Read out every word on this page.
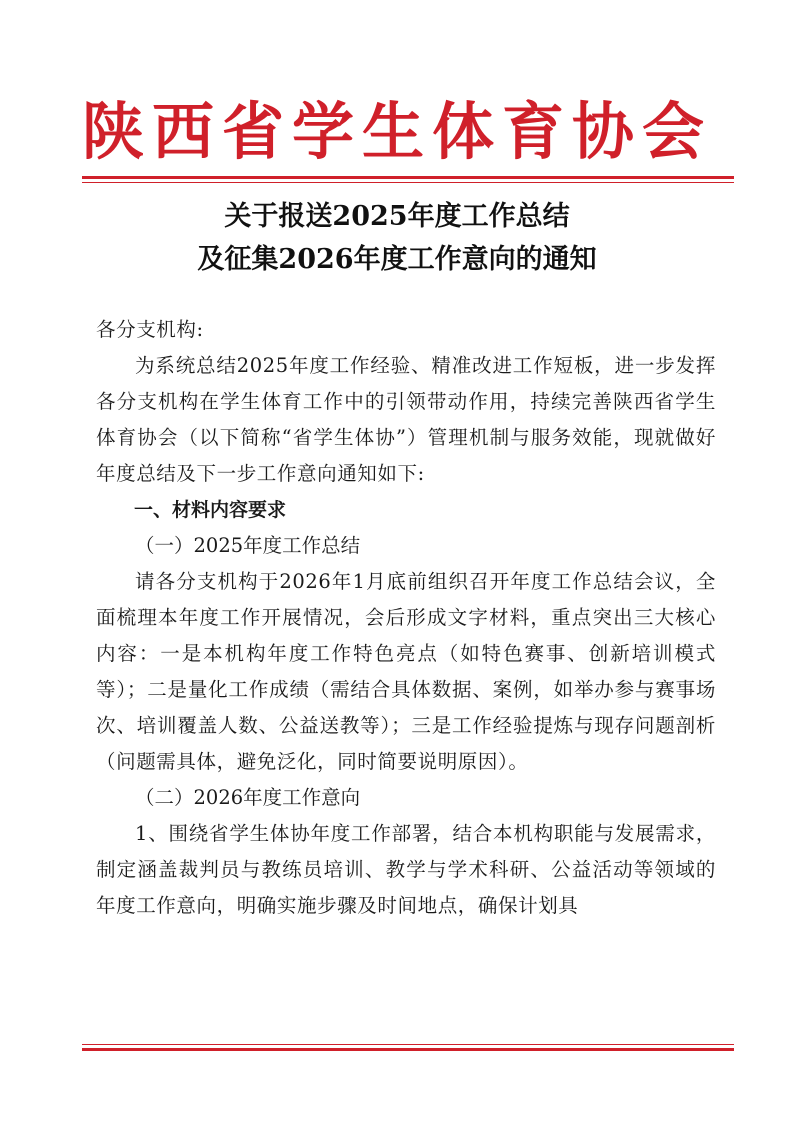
陕西省学生体育协会
关于报送2025年度工作总结
及征集2026年度工作意向的通知

各分支机构:

为系统总结2025年度工作经验、精准改进工作短板，进一步发挥各分支机构在学生体育工作中的引领带动作用，持续完善陕西省学生体育协会（以下简称“省学生体协”）管理机制与服务效能，现就做好年度总结及下一步工作意向通知如下:

一、材料内容要求

（一）2025年度工作总结

请各分支机构于2026年1月底前组织召开年度工作总结会议，全面梳理本年度工作开展情况，会后形成文字材料，重点突出三大核心内容：一是本机构年度工作特色亮点（如特色赛事、创新培训模式等）；二是量化工作成绩（需结合具体数据、案例，如举办参与赛事场次、培训覆盖人数、公益送教等）；三是工作经验提炼与现存问题剖析（问题需具体，避免泛化，同时简要说明原因）。

（二）2026年度工作意向

1、围绕省学生体协年度工作部署，结合本机构职能与发展需求，制定涵盖裁判员与教练员培训、教学与学术科研、公益活动等领域的年度工作意向，明确实施步骤及时间地点，确保计划具
